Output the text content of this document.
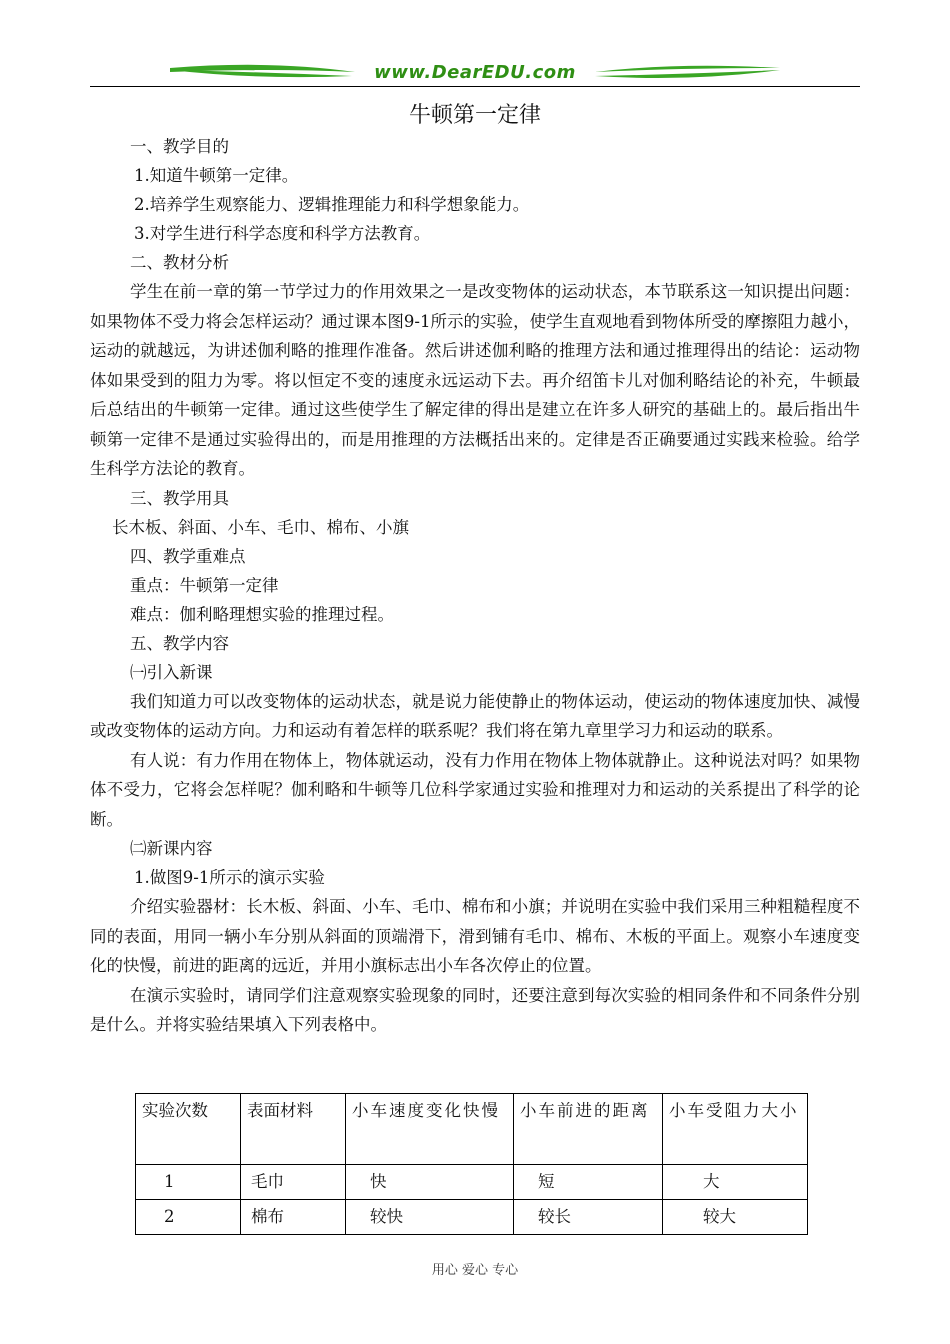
www.DearEDU.com
牛顿第一定律
一、教学目的
1.知道牛顿第一定律。
2.培养学生观察能力、逻辑推理能力和科学想象能力。
3.对学生进行科学态度和科学方法教育。
二、教材分析

学生在前一章的第一节学过力的作用效果之一是改变物体的运动状态，本节联系这一知识提出问题：如果物体不受力将会怎样运动？通过课本图9-1所示的实验，使学生直观地看到物体所受的摩擦阻力越小，运动的就越远，为讲述伽利略的推理作准备。然后讲述伽利略的推理方法和通过推理得出的结论：运动物体如果受到的阻力为零。将以恒定不变的速度永远运动下去。再介绍笛卡儿对伽利略结论的补充，牛顿最后总结出的牛顿第一定律。通过这些使学生了解定律的得出是建立在许多人研究的基础上的。最后指出牛顿第一定律不是通过实验得出的，而是用推理的方法概括出来的。定律是否正确要通过实践来检验。给学生科学方法论的教育。

三、教学用具
长木板、斜面、小车、毛巾、棉布、小旗
四、教学重难点
重点：牛顿第一定律
难点：伽利略理想实验的推理过程。
五、教学内容
㈠引入新课

我们知道力可以改变物体的运动状态，就是说力能使静止的物体运动，使运动的物体速度加快、减慢或改变物体的运动方向。力和运动有着怎样的联系呢？我们将在第九章里学习力和运动的联系。

有人说：有力作用在物体上，物体就运动，没有力作用在物体上物体就静止。这种说法对吗？如果物体不受力，它将会怎样呢？伽利略和牛顿等几位科学家通过实验和推理对力和运动的关系提出了科学的论断。

㈡新课内容
1.做图9-1所示的演示实验

介绍实验器材：长木板、斜面、小车、毛巾、棉布和小旗；并说明在实验中我们采用三种粗糙程度不同的表面，用同一辆小车分别从斜面的顶端滑下，滑到铺有毛巾、棉布、木板的平面上。观察小车速度变化的快慢，前进的距离的远近，并用小旗标志出小车各次停止的位置。

在演示实验时，请同学们注意观察实验现象的同时，还要注意到每次实验的相同条件和不同条件分别是什么。并将实验结果填入下列表格中。

实验次数	表面材料	小车速度变化快慢	小车前进的距离	小车受阻力大小
1	毛巾	快	短	大
2	棉布	较快	较长	较大
用心 爱心 专心
